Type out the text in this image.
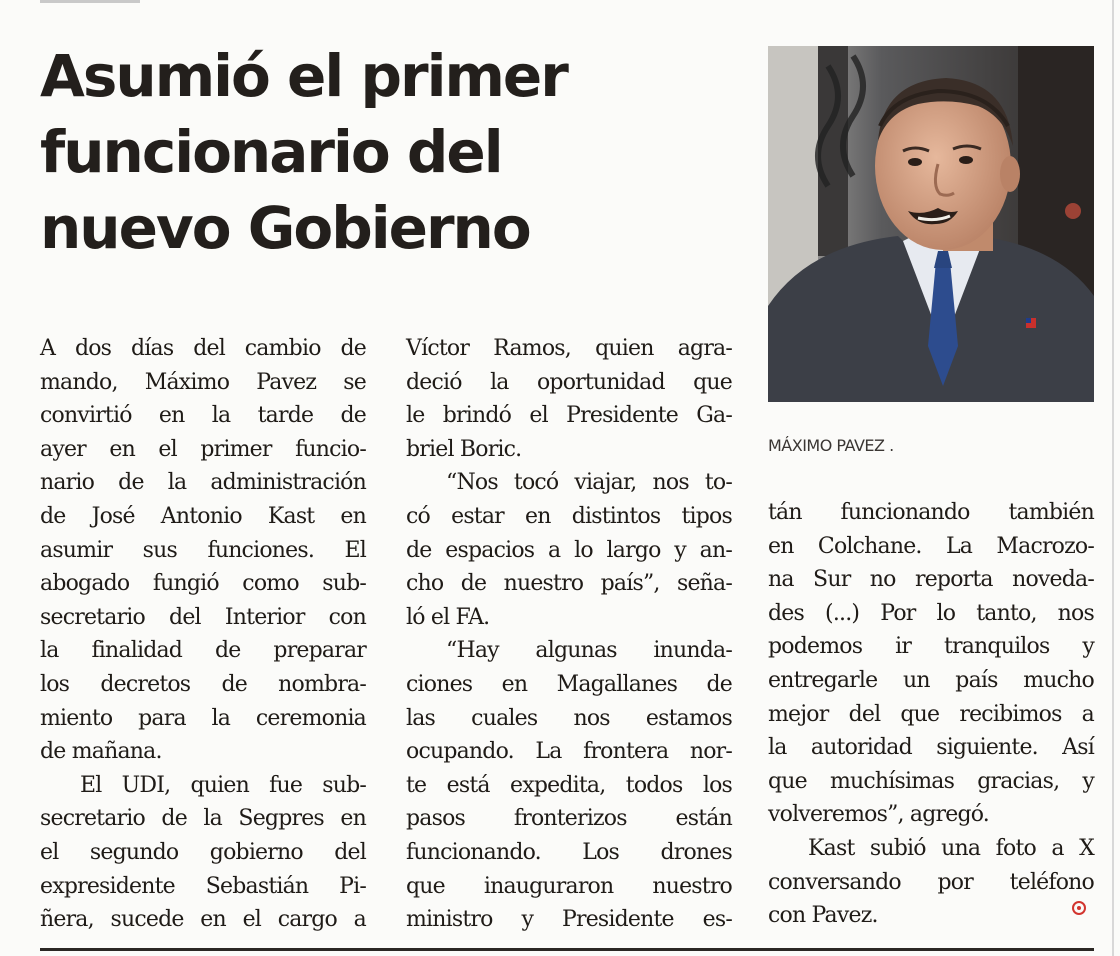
Asumió el primer
funcionario del
nuevo Gobierno
MÁXIMO PAVEZ .
A dos días del cambio de
mando, Máximo Pavez se
convirtió en la tarde de
ayer en el primer funcio-
nario de la administración
de José Antonio Kast en
asumir sus funciones. El
abogado fungió como sub-
secretario del Interior con
la finalidad de preparar
los decretos de nombra-
miento para la ceremonia
de mañana.
El UDI, quien fue sub-
secretario de la Segpres en
el segundo gobierno del
expresidente Sebastián Pi-
ñera, sucede en el cargo a
Víctor Ramos, quien agra-
deció la oportunidad que
le brindó el Presidente Ga-
briel Boric.
“Nos tocó viajar, nos to-
có estar en distintos tipos
de espacios a lo largo y an-
cho de nuestro país”, seña-
ló el FA.
“Hay algunas inunda-
ciones en Magallanes de
las cuales nos estamos
ocupando. La frontera nor-
te está expedita, todos los
pasos fronterizos están
funcionando. Los drones
que inauguraron nuestro
ministro y Presidente es-
tán funcionando también
en Colchane. La Macrozo-
na Sur no reporta noveda-
des (...) Por lo tanto, nos
podemos ir tranquilos y
entregarle un país mucho
mejor del que recibimos a
la autoridad siguiente. Así
que muchísimas gracias, y
volveremos”, agregó.
Kast subió una foto a X
conversando por teléfono
con Pavez.
